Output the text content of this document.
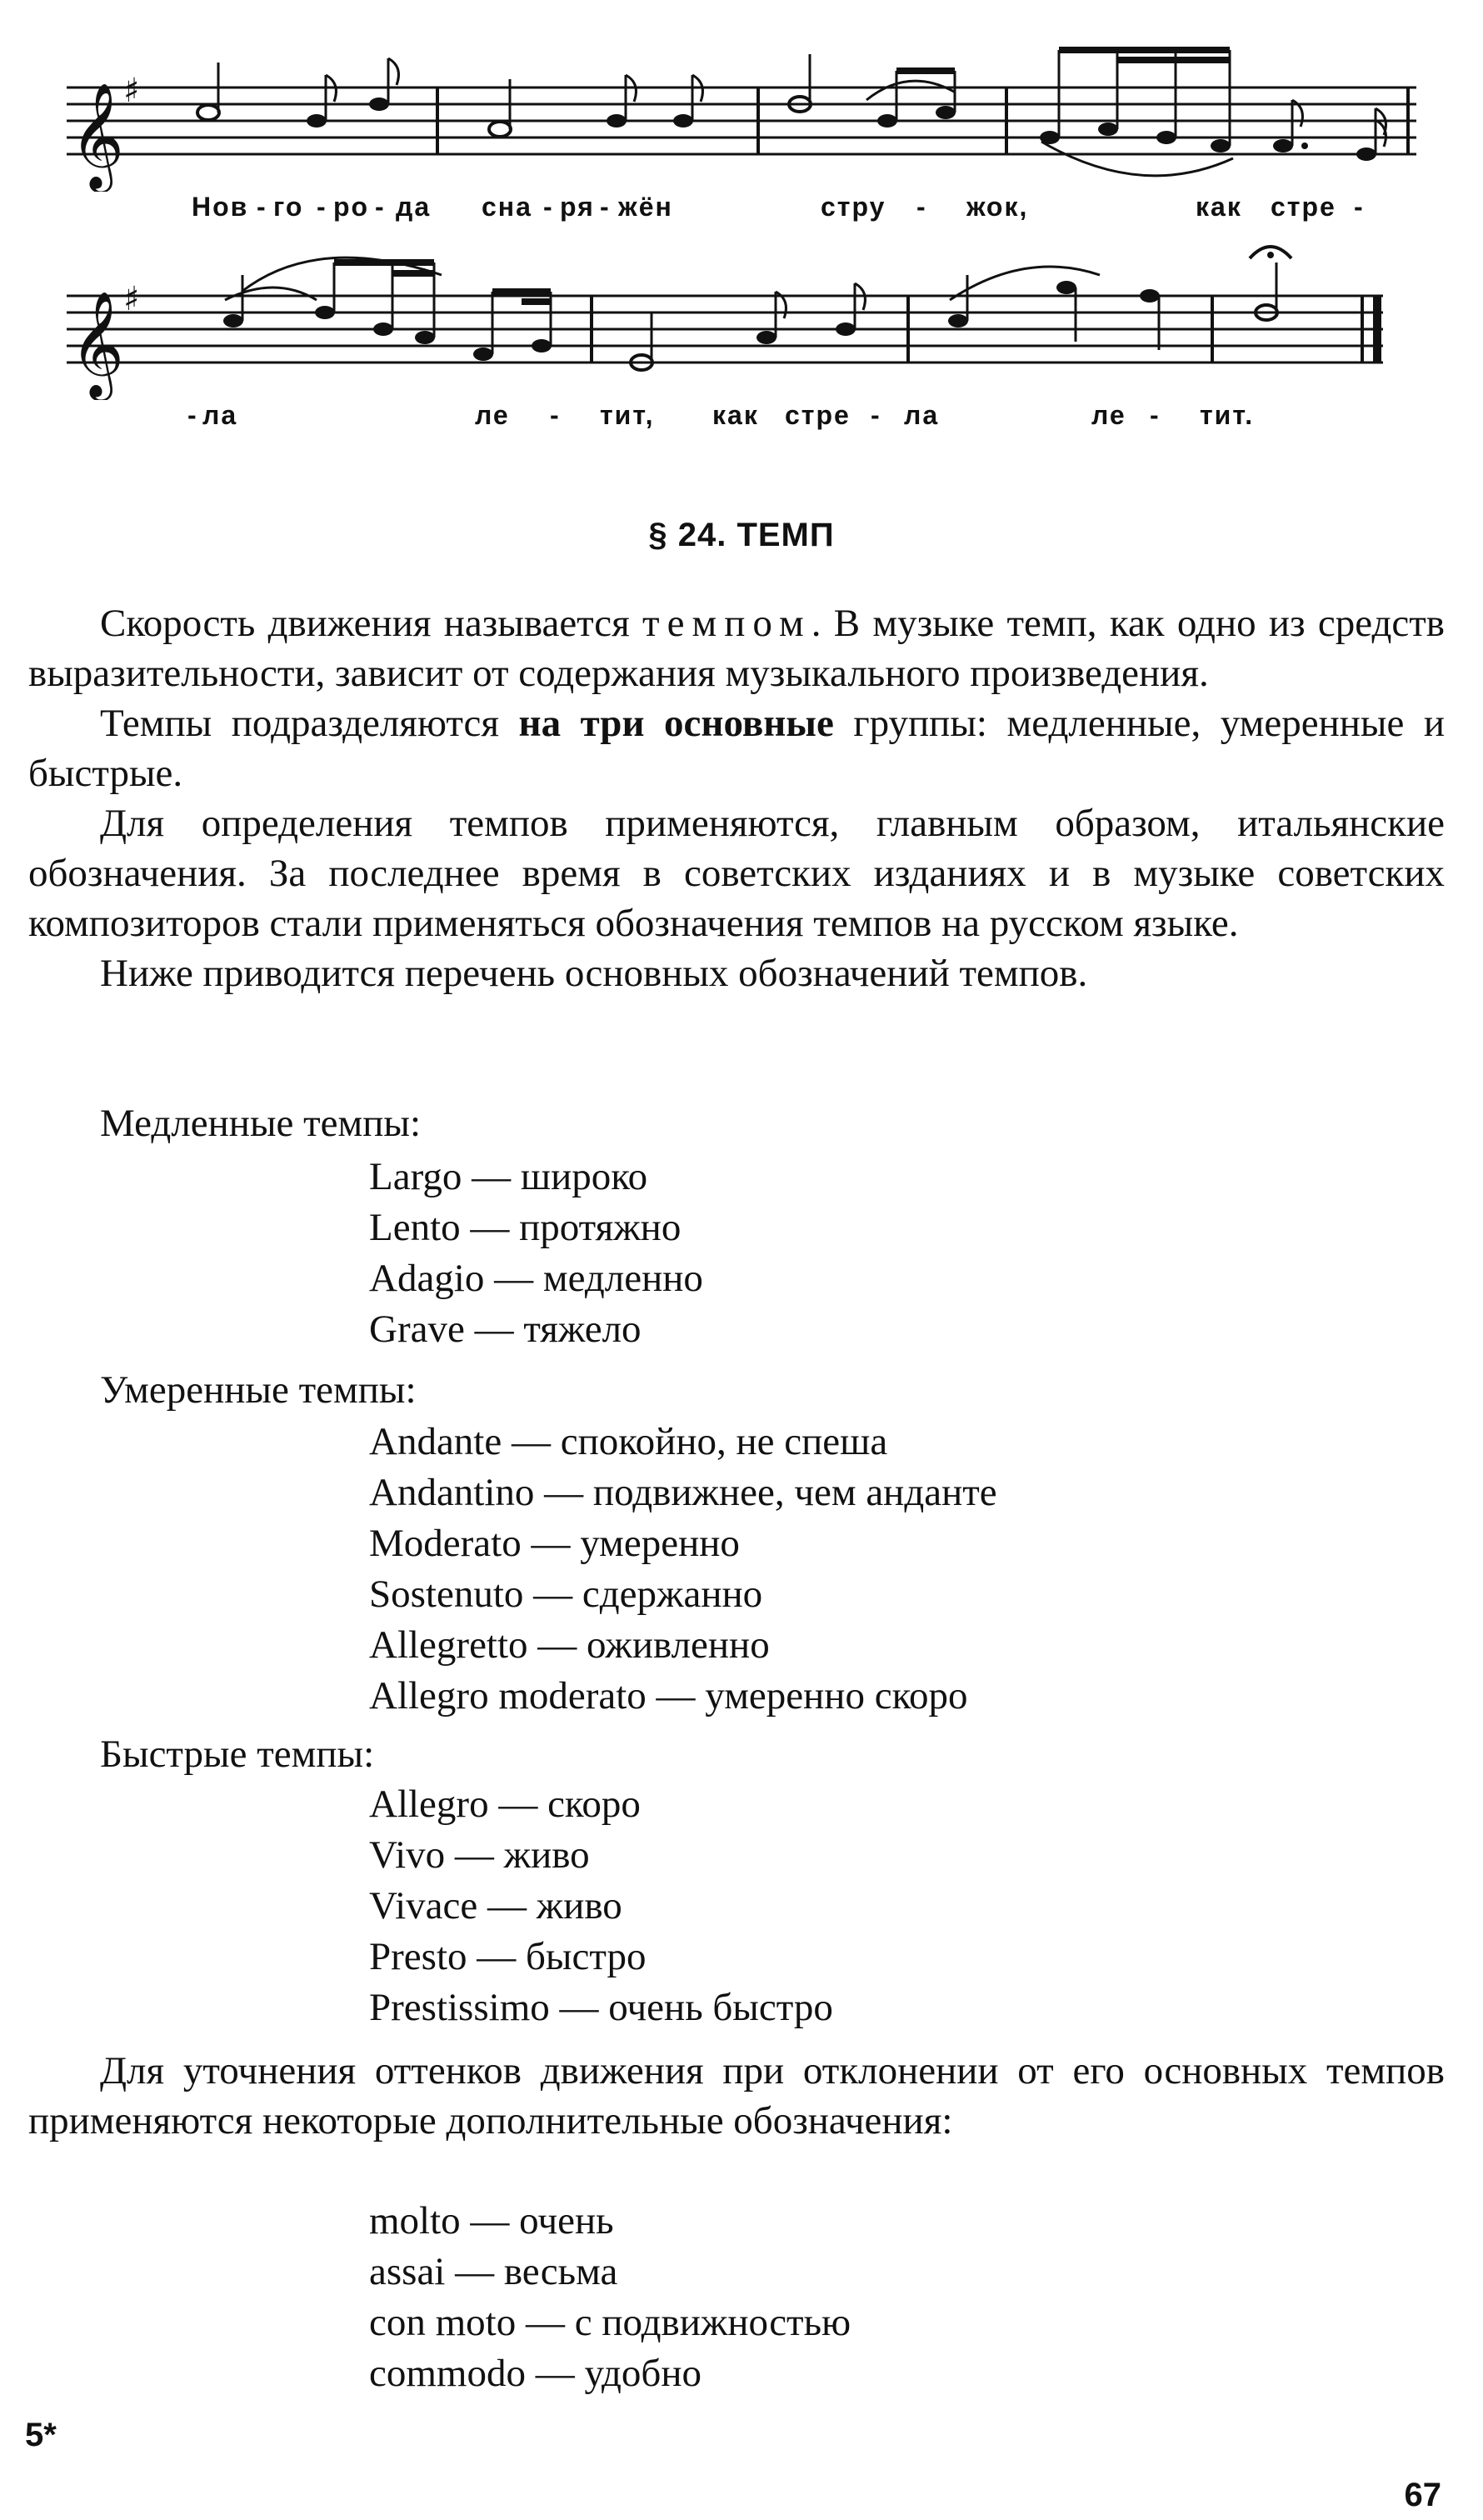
𝄞
♯
Нов - го - ро - да сна - ря - жён	стру - жок,	как стре -
𝄞
♯
- ла	ле - тит, как стре - ла	ле - тит.
§ 24. ТЕМП

Скорость движения называется темпом. В музыке темп, как одно из средств выразительности, зависит от содержания музыкального произведения.

Темпы подразделяются на три основные группы: медленные, умеренные и быстрые.

Для определения темпов применяются, главным образом, итальянские обозначения. За последнее время в советских изданиях и в музыке советских композиторов стали применяться обозначения темпов на русском языке.

Ниже приводится перечень основных обозначений темпов.

Медленные темпы:
Largo — широко
Lento — протяжно
Adagio — медленно
Grave — тяжело
Умеренные темпы:
Andante — спокойно, не спеша
Andantino — подвижнее, чем анданте
Moderato — умеренно
Sostenuto — сдержанно
Allegretto — оживленно
Allegro moderato — умеренно скоро
Быстрые темпы:
Allegro — скоро
Vivo — живо
Vivace — живо
Presto — быстро
Prestissimo — очень быстро

Для уточнения оттенков движения при отклонении от его основных темпов применяются некоторые дополнительные обозначения:

molto — очень
assai — весьма
con moto — с подвижностью
commodo — удобно
5*
67
